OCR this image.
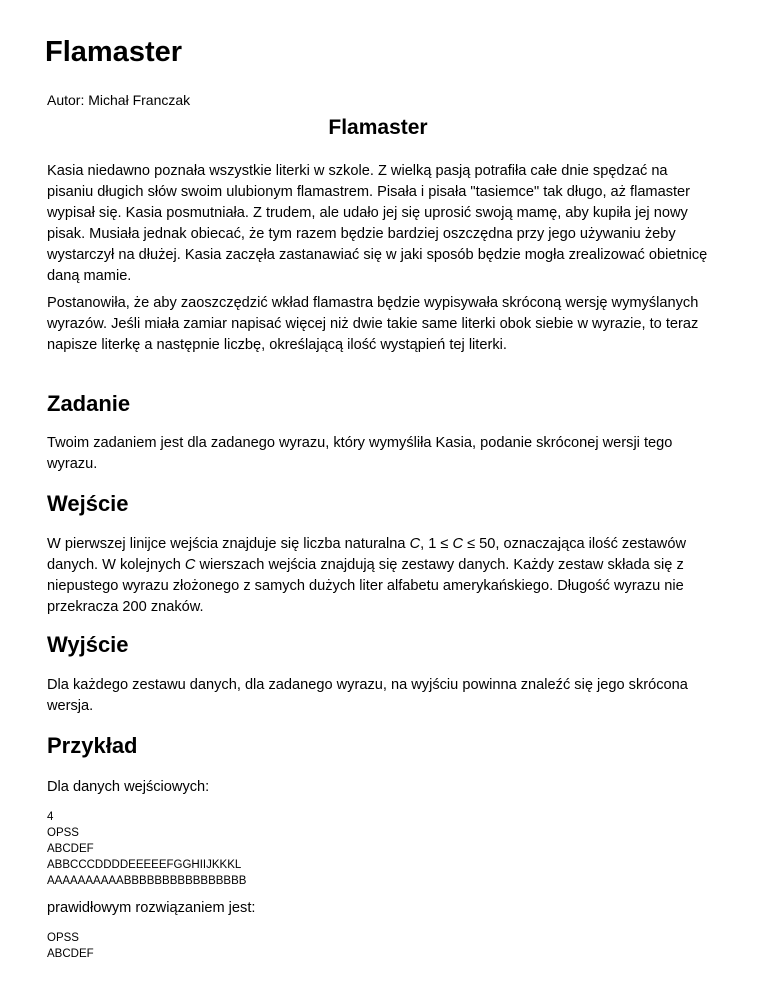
Flamaster
Autor: Michał Franczak
Flamaster

Kasia niedawno poznała wszystkie literki w szkole. Z wielką pasją potrafiła całe dnie spędzać na pisaniu długich słów swoim ulubionym flamastrem. Pisała i pisała "tasiemce" tak długo, aż flamaster wypisał się. Kasia posmutniała. Z trudem, ale udało jej się uprosić swoją mamę, aby kupiła jej nowy pisak. Musiała jednak obiecać, że tym razem będzie bardziej oszczędna przy jego używaniu żeby wystarczył na dłużej. Kasia zaczęła zastanawiać się w jaki sposób będzie mogła zrealizować obietnicę daną mamie.

Postanowiła, że aby zaoszczędzić wkład flamastra będzie wypisywała skróconą wersję wymyślanych wyrazów. Jeśli miała zamiar napisać więcej niż dwie takie same literki obok siebie w wyrazie, to teraz napisze literkę a następnie liczbę, określającą ilość wystąpień tej literki.

Zadanie

Twoim zadaniem jest dla zadanego wyrazu, który wymyśliła Kasia, podanie skróconej wersji tego wyrazu.

Wejście

W pierwszej linijce wejścia znajduje się liczba naturalna C, 1 ≤ C ≤ 50, oznaczająca ilość zestawów danych. W kolejnych C wierszach wejścia znajdują się zestawy danych. Każdy zestaw składa się z niepustego wyrazu złożonego z samych dużych liter alfabetu amerykańskiego. Długość wyrazu nie przekracza 200 znaków.

Wyjście

Dla każdego zestawu danych, dla zadanego wyrazu, na wyjściu powinna znaleźć się jego skrócona wersja.

Przykład

Dla danych wejściowych:

4
OPSS
ABCDEF
ABBCCCDDDDEEEEEFGGHIIJKKKL
AAAAAAAAAABBBBBBBBBBBBBBBB

prawidłowym rozwiązaniem jest:

OPSS
ABCDEF
